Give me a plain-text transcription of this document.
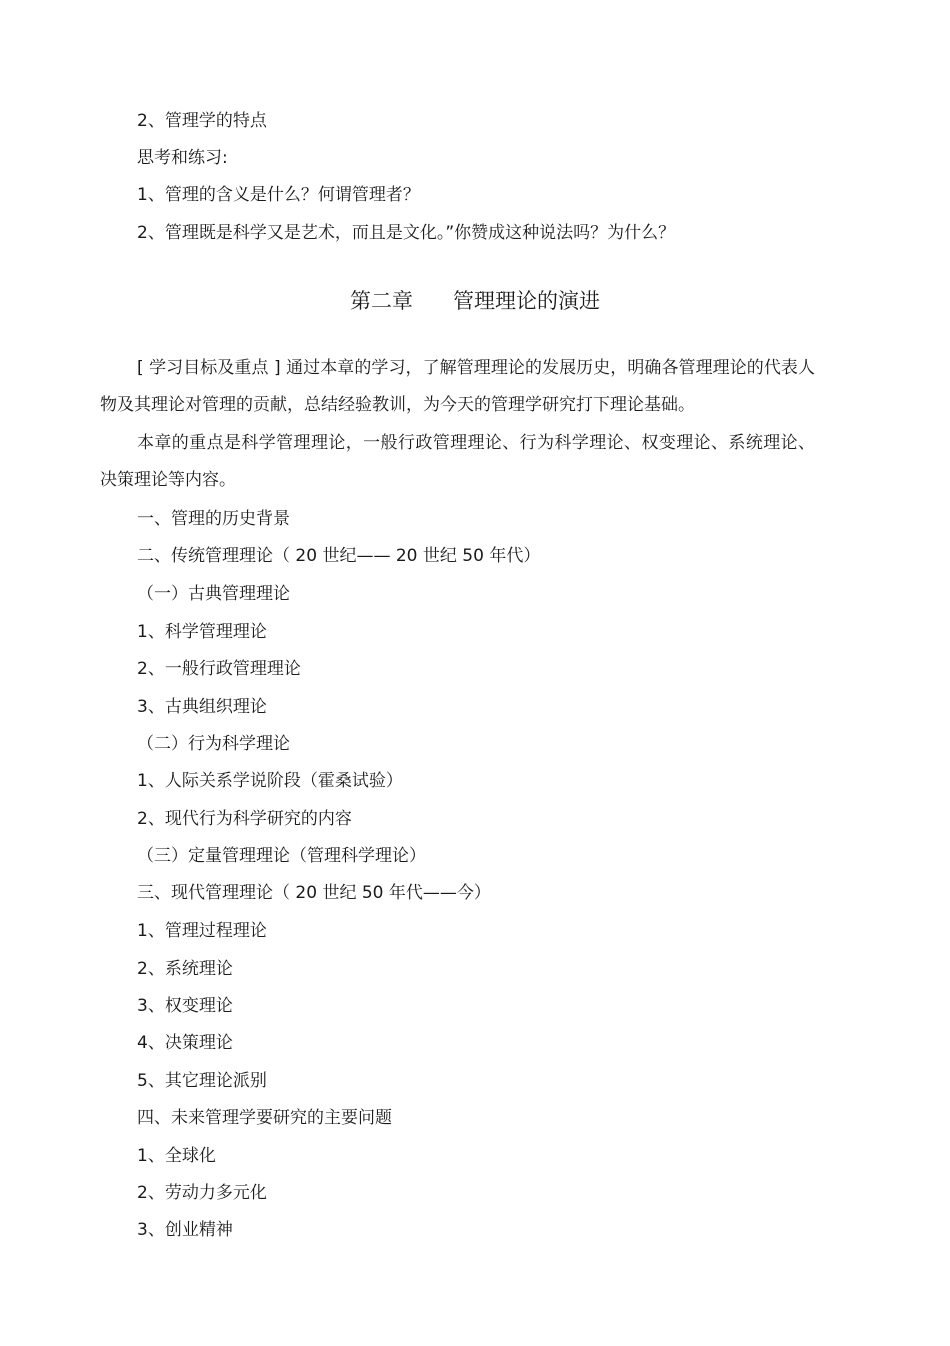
2、管理学的特点
思考和练习:
1、管理的含义是什么？何谓管理者？
2、管理既是科学又是艺术，而且是文化。”你赞成这种说法吗？为什么？
第二章      管理理论的演进
[ 学习目标及重点 ] 通过本章的学习，了解管理理论的发展历史，明确各管理理论的代表人物及其理论对管理的贡献，总结经验教训，为今天的管理学研究打下理论基础。
本章的重点是科学管理理论，一般行政管理理论、行为科学理论、权变理论、系统理论、决策理论等内容。
一、管理的历史背景
二、传统管理理论（ 20 世纪—— 20 世纪 50 年代）
（一）古典管理理论
1、科学管理理论
2、一般行政管理理论
3、古典组织理论
（二）行为科学理论
1、人际关系学说阶段（霍桑试验）
2、现代行为科学研究的内容
（三）定量管理理论（管理科学理论）
三、现代管理理论（ 20 世纪 50 年代——今）
1、管理过程理论
2、系统理论
3、权变理论
4、决策理论
5、其它理论派别
四、未来管理学要研究的主要问题
1、全球化
2、劳动力多元化
3、创业精神
